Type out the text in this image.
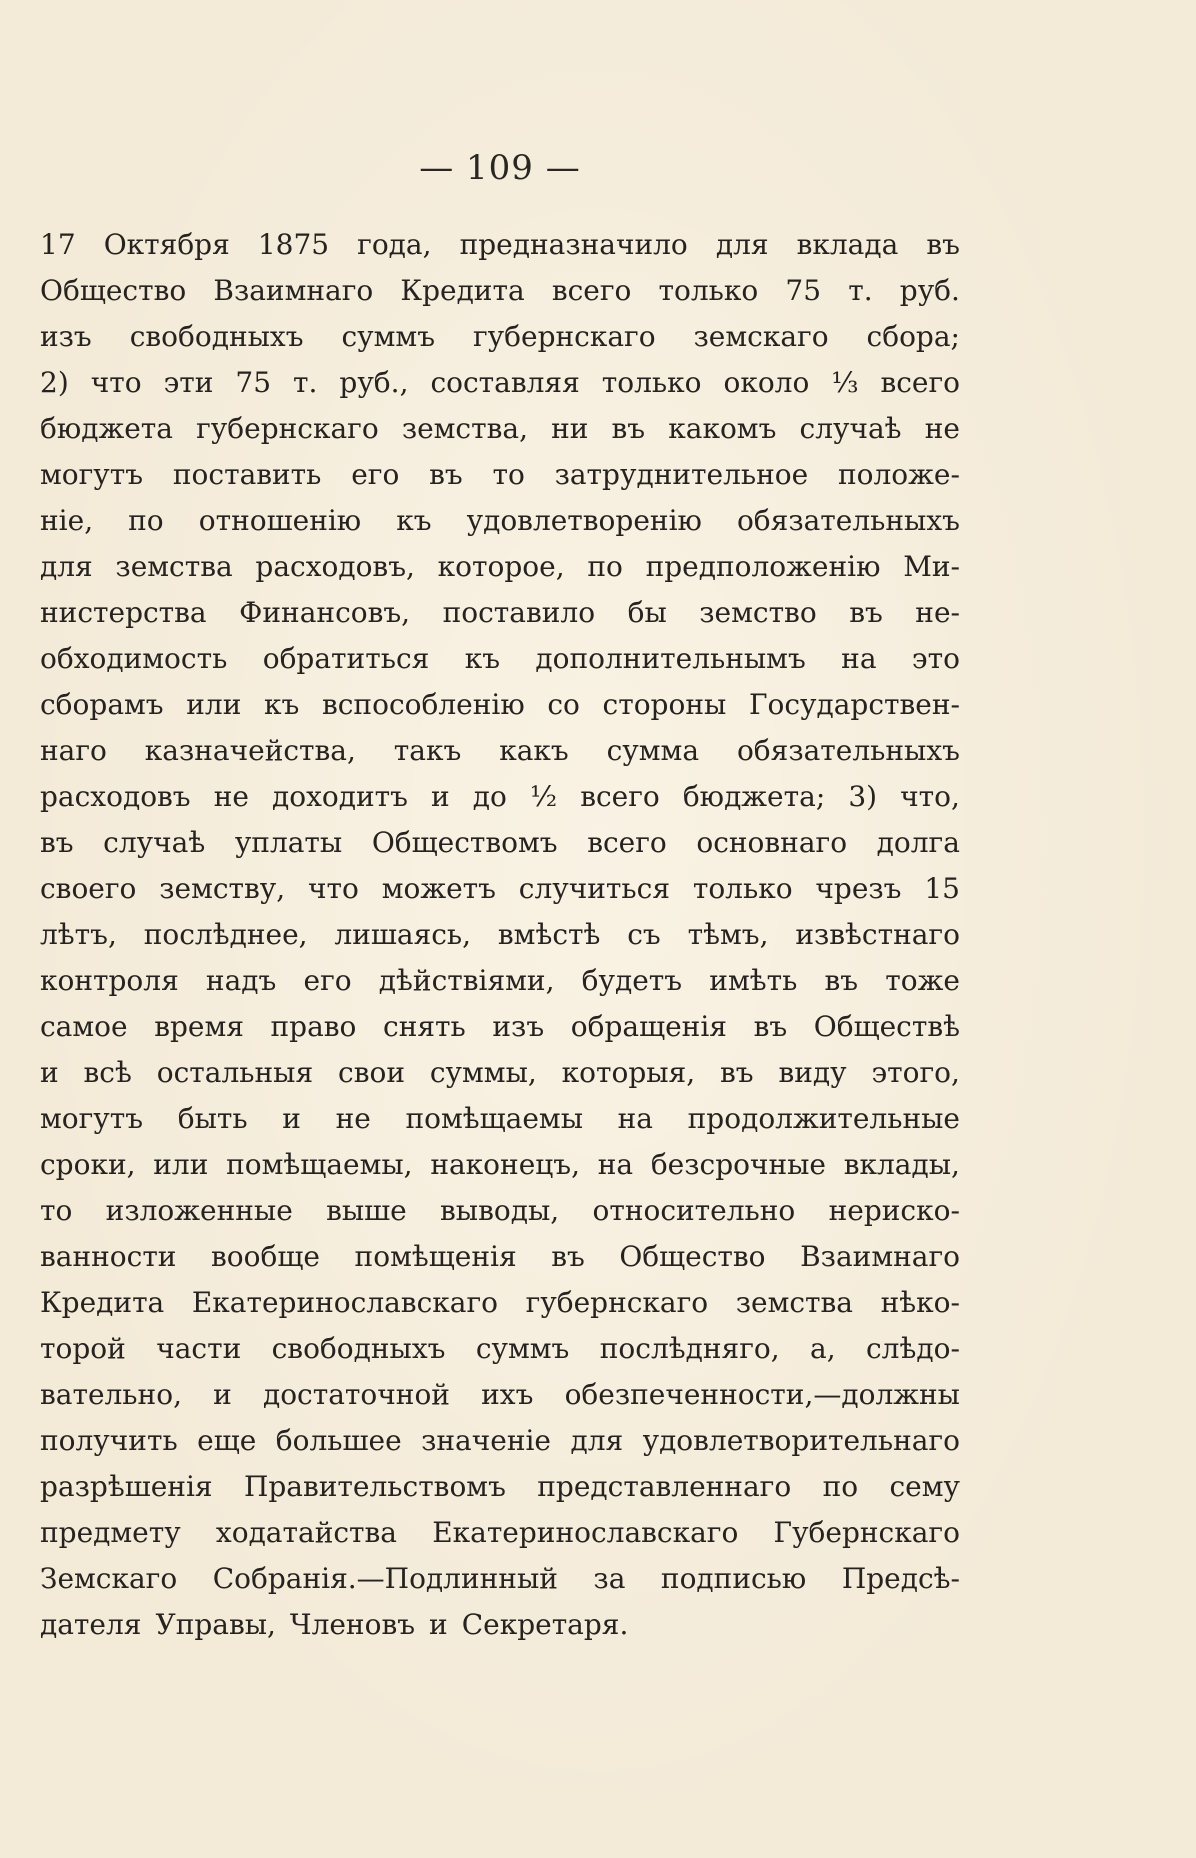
— 109 —
17 Октября 1875 года, предназначило для вклада въ
Общество Взаимнаго Кредита всего только 75 т. руб.
изъ свободныхъ суммъ губернскаго земскаго сбора;
2) что эти 75 т. руб., составляя только около ⅓ всего
бюджета губернскаго земства, ни въ какомъ случаѣ не
могутъ поставить его въ то затруднительное положе-
ніе, по отношенію къ удовлетворенію обязательныхъ
для земства расходовъ, которое, по предположенію Ми-
нистерства Финансовъ, поставило бы земство въ не-
обходимость обратиться къ дополнительнымъ на это
сборамъ или къ вспособленію со стороны Государствен-
наго казначейства, такъ какъ сумма обязательныхъ
расходовъ не доходитъ и до ½ всего бюджета; 3) что,
въ случаѣ уплаты Обществомъ всего основнаго долга
своего земству, что можетъ случиться только чрезъ 15
лѣтъ, послѣднее, лишаясь, вмѣстѣ съ тѣмъ, извѣстнаго
контроля надъ его дѣйствіями, будетъ имѣть въ тоже
самое время право снять изъ обращенія въ Обществѣ
и всѣ остальныя свои суммы, которыя, въ виду этого,
могутъ быть и не помѣщаемы на продолжительные
сроки, или помѣщаемы, наконецъ, на безсрочные вклады,
то изложенные выше выводы, относительно нериско-
ванности вообще помѣщенія въ Общество Взаимнаго
Кредита Екатеринославскаго губернскаго земства нѣко-
торой части свободныхъ суммъ послѣдняго, а, слѣдо-
вательно, и достаточной ихъ обезпеченности,—должны
получить еще большее значеніе для удовлетворительнаго
разрѣшенія Правительствомъ представленнаго по сему
предмету ходатайства Екатеринославскаго Губернскаго
Земскаго Собранія.—Подлинный за подписью Предсѣ-
дателя Управы, Членовъ и Секретаря.
